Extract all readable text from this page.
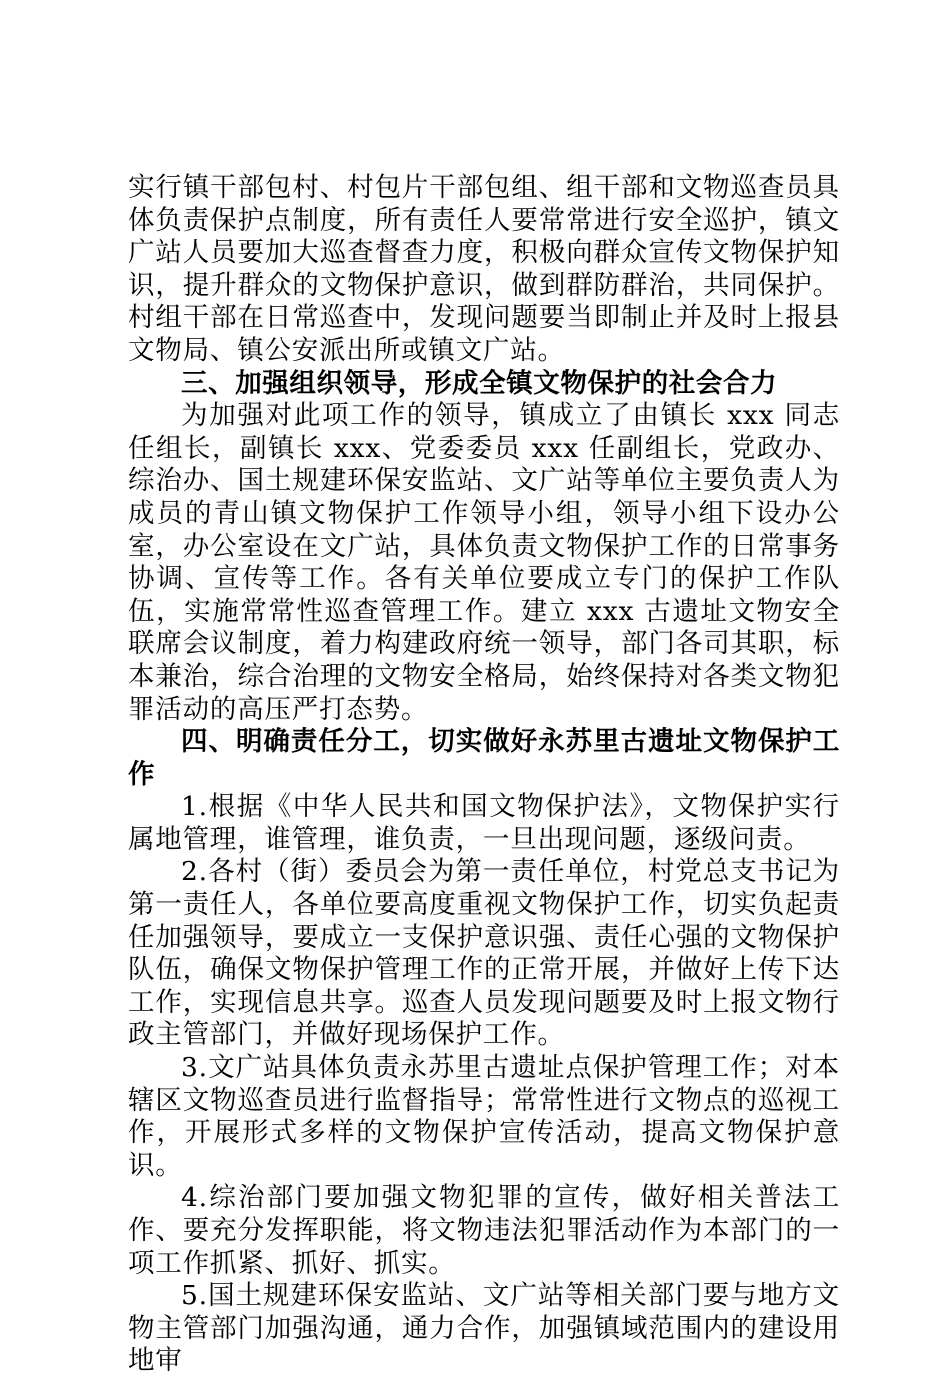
实行镇干部包村、村包片干部包组、组干部和文物巡查员具体负责保护点制度，所有责任人要常常进行安全巡护，镇文广站人员要加大巡查督查力度，积极向群众宣传文物保护知识，提升群众的文物保护意识，做到群防群治，共同保护。村组干部在日常巡查中，发现问题要当即制止并及时上报县文物局、镇公安派出所或镇文广站。

三、加强组织领导，形成全镇文物保护的社会合力

为加强对此项工作的领导，镇成立了由镇长 xxx 同志任组长，副镇长 xxx、党委委员 xxx 任副组长，党政办、综治办、国土规建环保安监站、文广站等单位主要负责人为成员的青山镇文物保护工作领导小组，领导小组下设办公室，办公室设在文广站，具体负责文物保护工作的日常事务协调、宣传等工作。各有关单位要成立专门的保护工作队伍，实施常常性巡查管理工作。建立 xxx 古遗址文物安全联席会议制度，着力构建政府统一领导，部门各司其职，标本兼治，综合治理的文物安全格局，始终保持对各类文物犯罪活动的高压严打态势。

四、明确责任分工，切实做好永苏里古遗址文物保护工作

1.根据《中华人民共和国文物保护法》，文物保护实行属地管理，谁管理，谁负责，一旦出现问题，逐级问责。

2.各村（街）委员会为第一责任单位，村党总支书记为第一责任人，各单位要高度重视文物保护工作，切实负起责任加强领导，要成立一支保护意识强、责任心强的文物保护队伍，确保文物保护管理工作的正常开展，并做好上传下达工作，实现信息共享。巡查人员发现问题要及时上报文物行政主管部门，并做好现场保护工作。

3.文广站具体负责永苏里古遗址点保护管理工作；对本辖区文物巡查员进行监督指导；常常性进行文物点的巡视工作，开展形式多样的文物保护宣传活动，提高文物保护意识。

4.综治部门要加强文物犯罪的宣传，做好相关普法工作、要充分发挥职能，将文物违法犯罪活动作为本部门的一项工作抓紧、抓好、抓实。

5.国土规建环保安监站、文广站等相关部门要与地方文物主管部门加强沟通，通力合作，加强镇域范围内的建设用地审
